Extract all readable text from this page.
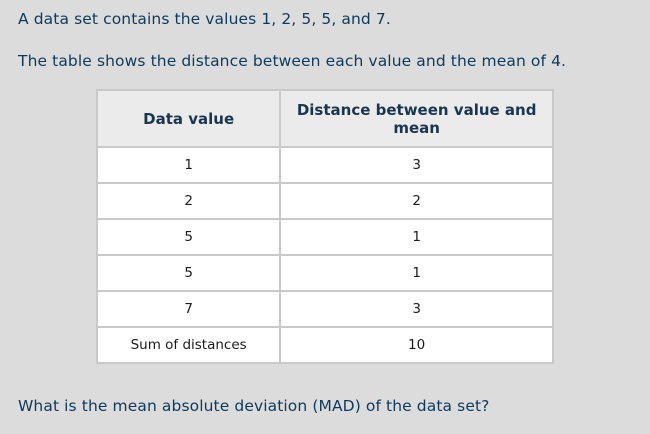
A data set contains the values 1, 2, 5, 5, and 7.
The table shows the distance between each value and the mean of 4.
Data value	Distance between value and mean
1	3
2	2
5	1
5	1
7	3
Sum of distances	10
What is the mean absolute deviation (MAD) of the data set?
